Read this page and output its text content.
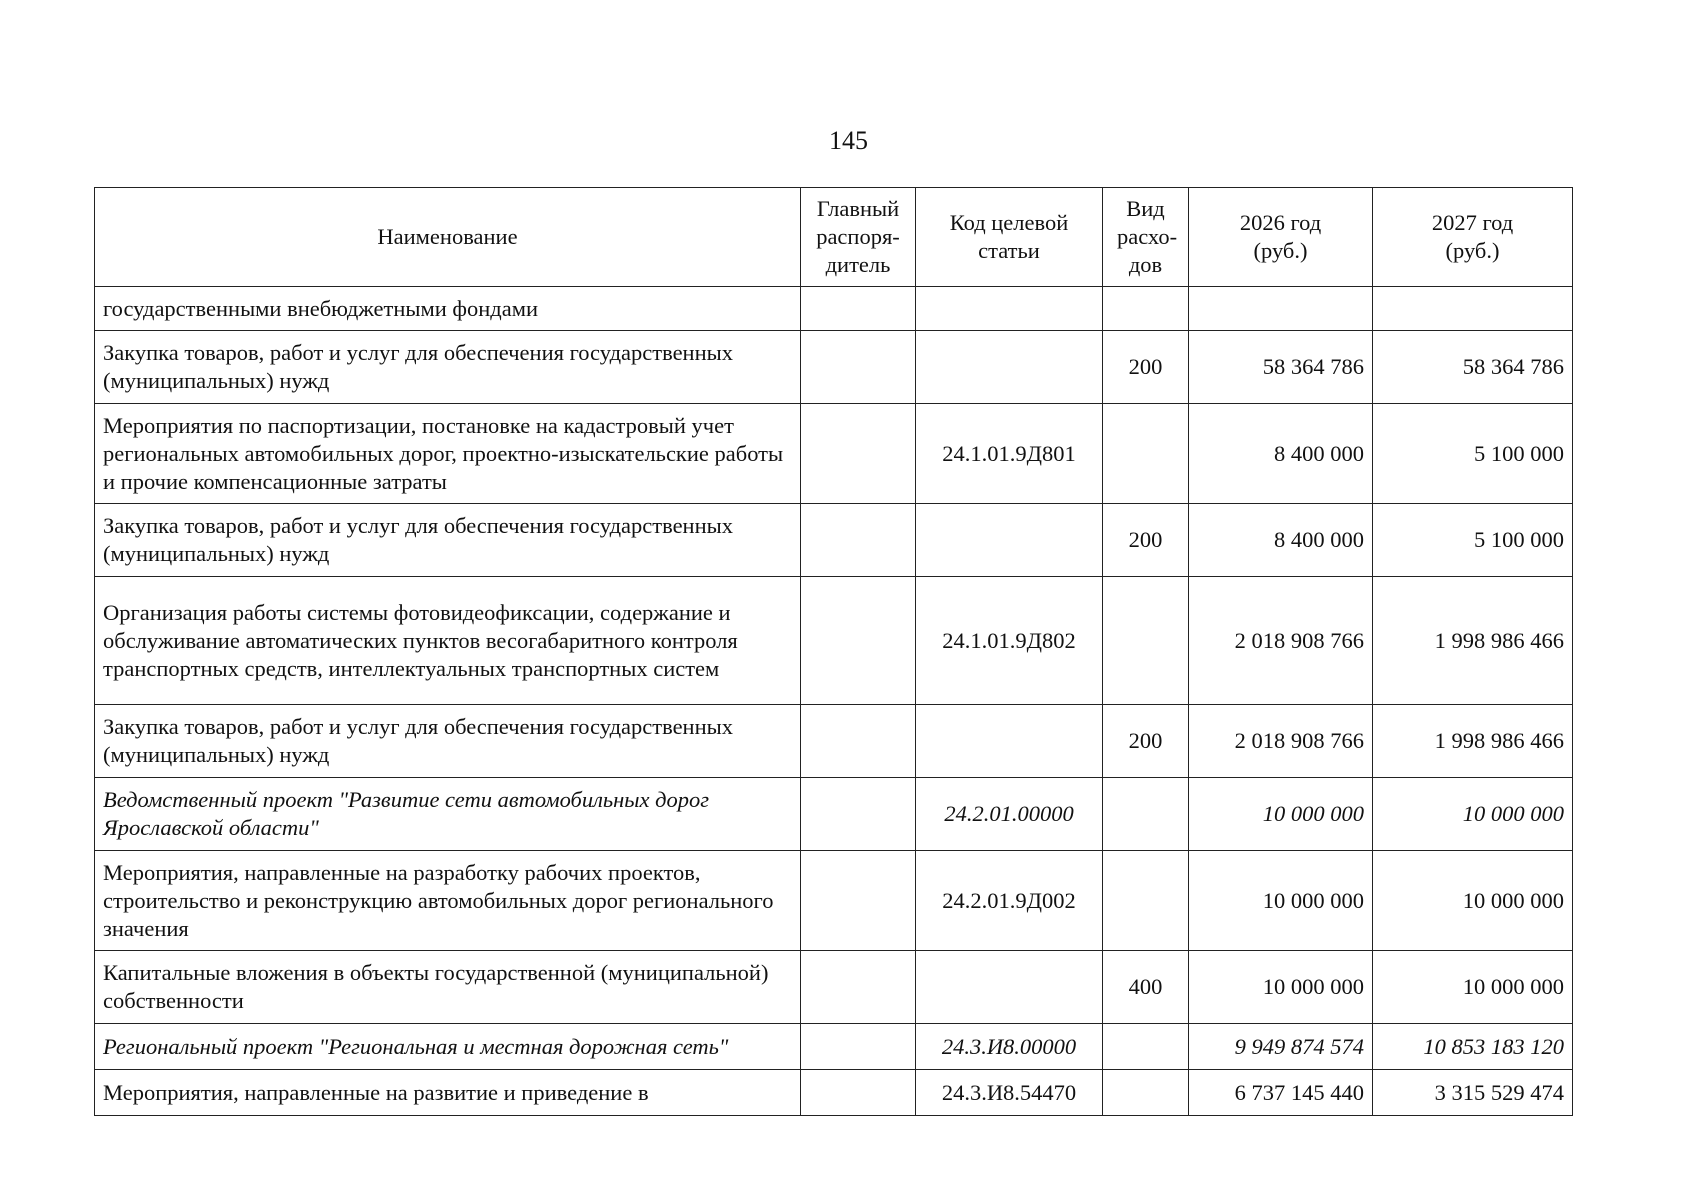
145
Наименование	Главный распоря-дитель	Код целевой статьи	Вид расхо-дов	2026 год (руб.)	2027 год (руб.)
государственными внебюджетными фондами					
Закупка товаров, работ и услуг для обеспечения государственных (муниципальных) нужд			200	58 364 786	58 364 786
Мероприятия по паспортизации, постановке на кадастровый учет региональных автомобильных дорог, проектно-изыскательские работы и прочие компенсационные затраты		24.1.01.9Д801		8 400 000	5 100 000
Закупка товаров, работ и услуг для обеспечения государственных (муниципальных) нужд			200	8 400 000	5 100 000
Организация работы системы фотовидеофиксации, содержание и обслуживание автоматических пунктов весогабаритного контроля транспортных средств, интеллектуальных транспортных систем		24.1.01.9Д802		2 018 908 766	1 998 986 466
Закупка товаров, работ и услуг для обеспечения государственных (муниципальных) нужд			200	2 018 908 766	1 998 986 466
Ведомственный проект "Развитие сети автомобильных дорог Ярославской области"		24.2.01.00000		10 000 000	10 000 000
Мероприятия, направленные на разработку рабочих проектов, строительство и реконструкцию автомобильных дорог регионального значения		24.2.01.9Д002		10 000 000	10 000 000
Капитальные вложения в объекты государственной (муниципальной) собственности			400	10 000 000	10 000 000
Региональный проект "Региональная и местная дорожная сеть"		24.3.И8.00000		9 949 874 574	10 853 183 120
Мероприятия, направленные на развитие и приведение в		24.3.И8.54470		6 737 145 440	3 315 529 474
